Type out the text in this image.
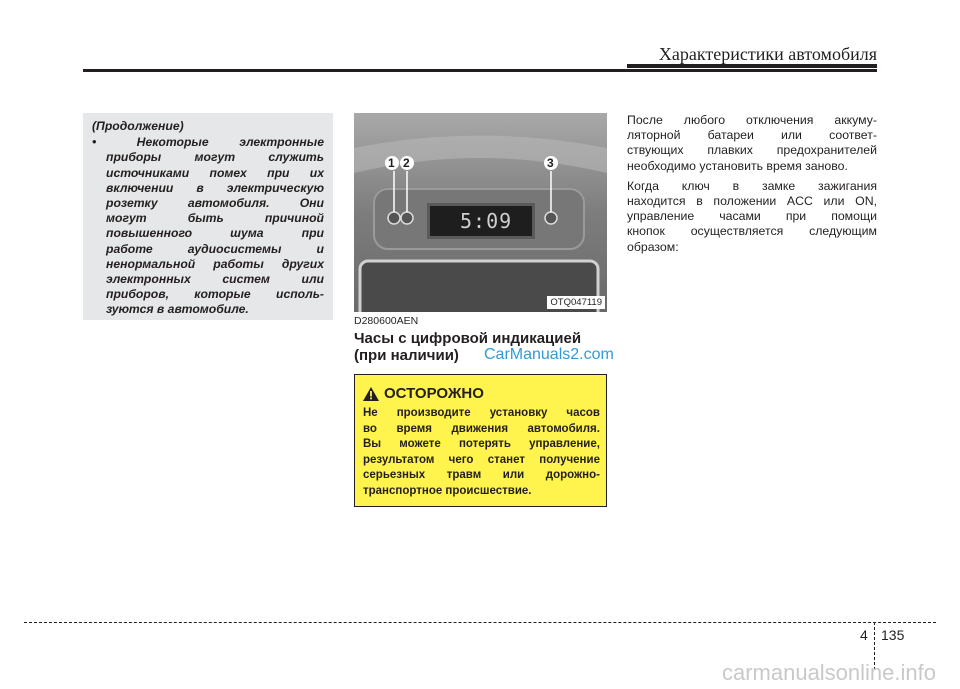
Характеристики автомобиля
(Продолжение)
•	Некоторые	электронные
приборы	могут	служить
источниками помех при их
включении в электрическую
розетку автомобиля. Они
могут	быть	причиной
повышенного	шума	при
работе	аудиосистемы	и
ненормальной работы других
электронных	систем	или
приборов, которые исполь-
зуются в автомобиле.
1 2	3
5:09
OTQ047119
D280600AEN
Часы с цифровой индикацией
(при наличии)	CarManuals2.com
ОСТОРОЖНО
Не производите установку часов
во время движения автомобиля.
Вы можете потерять управление,
результатом чего станет получение
серьезных травм или дорожно-
транспортное происшествие.
После любого отключения аккуму-
ляторной батареи или соответ-
ствующих плавких предохранителей
необходимо установить время заново.
Когда ключ в замке зажигания
находится в положении ACC или ON,
управление часами при помощи
кнопок осуществляется следующим
образом:
4 135
carmanualsonline.info
